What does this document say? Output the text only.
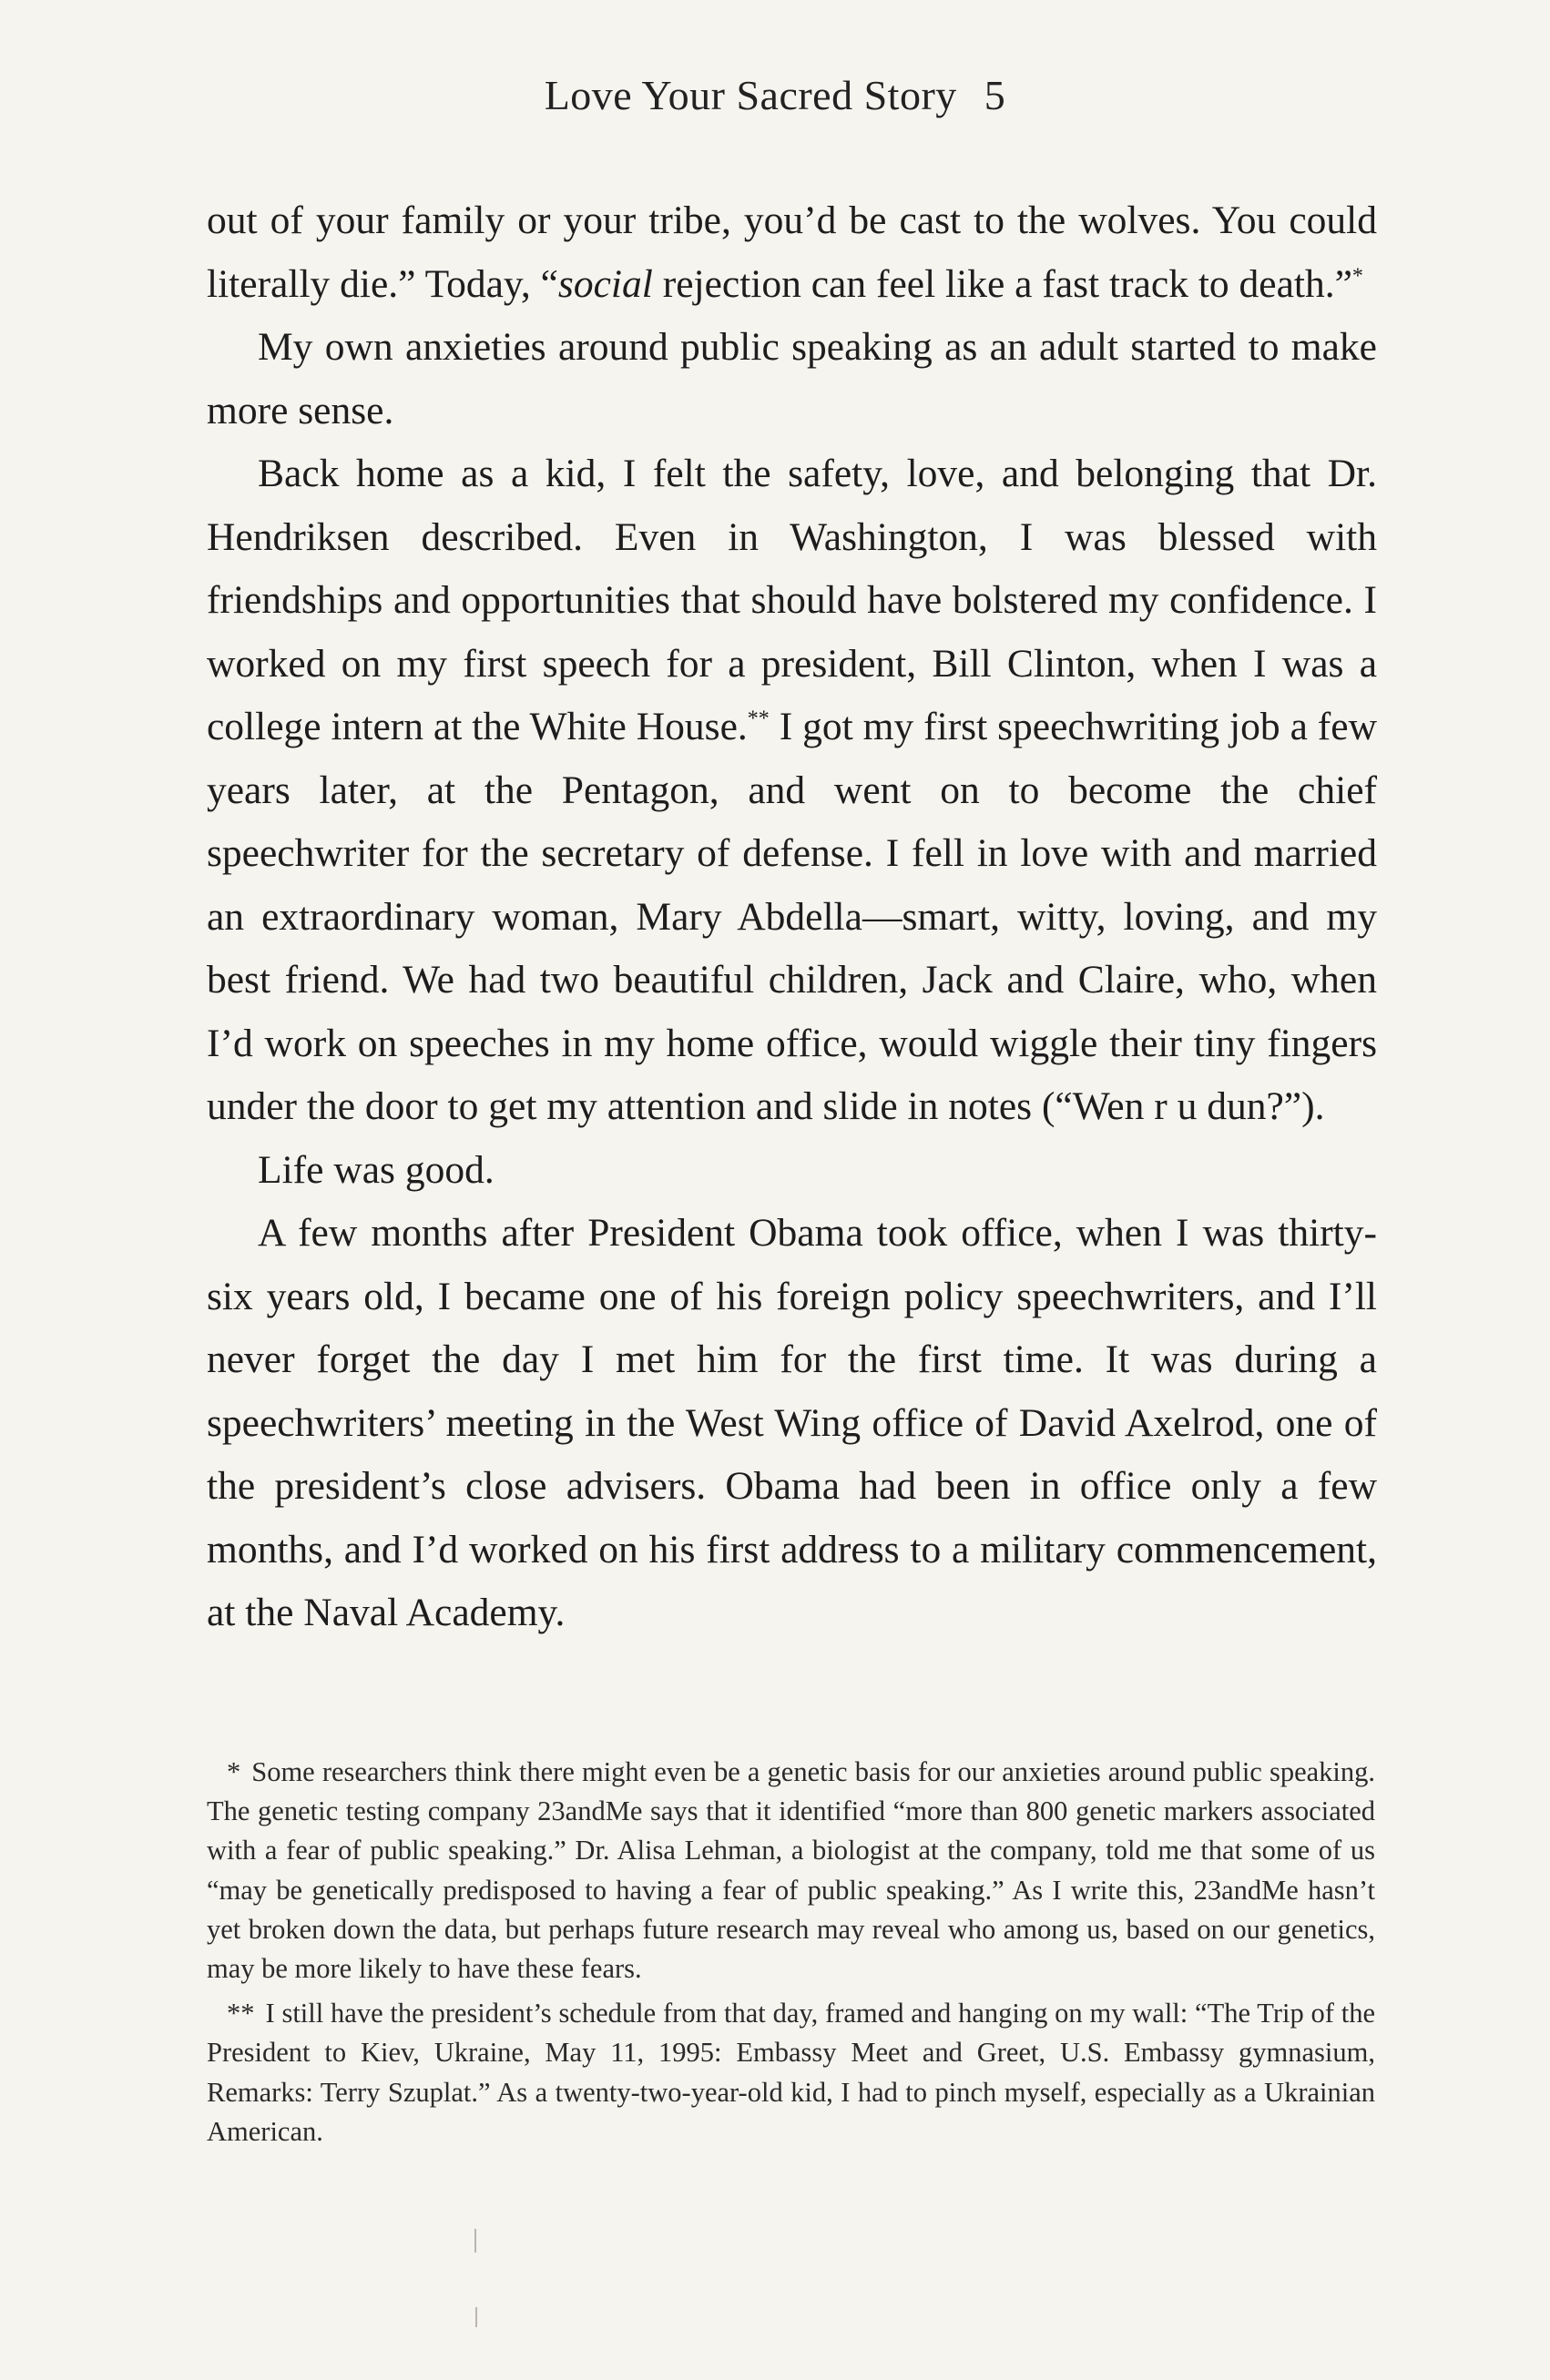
Love Your Sacred Story 5

out of your family or your tribe, you’d be cast to the wolves. You could literally die.” Today, “social rejection can feel like a fast track to death.”*

My own anxieties around public speaking as an adult started to make more sense.

Back home as a kid, I felt the safety, love, and belonging that Dr. Hendriksen described. Even in Washington, I was blessed with friendships and opportunities that should have bolstered my confidence. I worked on my first speech for a president, Bill Clinton, when I was a college intern at the White House.** I got my first speechwriting job a few years later, at the Pentagon, and went on to become the chief speechwriter for the secretary of defense. I fell in love with and married an extraordinary woman, Mary Abdella—smart, witty, loving, and my best friend. We had two beautiful children, Jack and Claire, who, when I’d work on speeches in my home office, would wiggle their tiny fingers under the door to get my attention and slide in notes (“Wen r u dun?”).

Life was good.

A few months after President Obama took office, when I was thirty-six years old, I became one of his foreign policy speechwriters, and I’ll never forget the day I met him for the first time. It was during a speechwriters’ meeting in the West Wing office of David Axelrod, one of the president’s close advisers. Obama had been in office only a few months, and I’d worked on his first address to a military commencement, at the Naval Academy.

* Some researchers think there might even be a genetic basis for our anxieties around public speaking. The genetic testing company 23andMe says that it identified “more than 800 genetic markers associated with a fear of public speaking.” Dr. Alisa Lehman, a biologist at the company, told me that some of us “may be genetically predisposed to having a fear of public speaking.” As I write this, 23andMe hasn’t yet broken down the data, but perhaps future research may reveal who among us, based on our genetics, may be more likely to have these fears.

** I still have the president’s schedule from that day, framed and hanging on my wall: “The Trip of the President to Kiev, Ukraine, May 11, 1995: Embassy Meet and Greet, U.S. Embassy gymnasium, Remarks: Terry Szuplat.” As a twenty-two-year-old kid, I had to pinch myself, especially as a Ukrainian American.
